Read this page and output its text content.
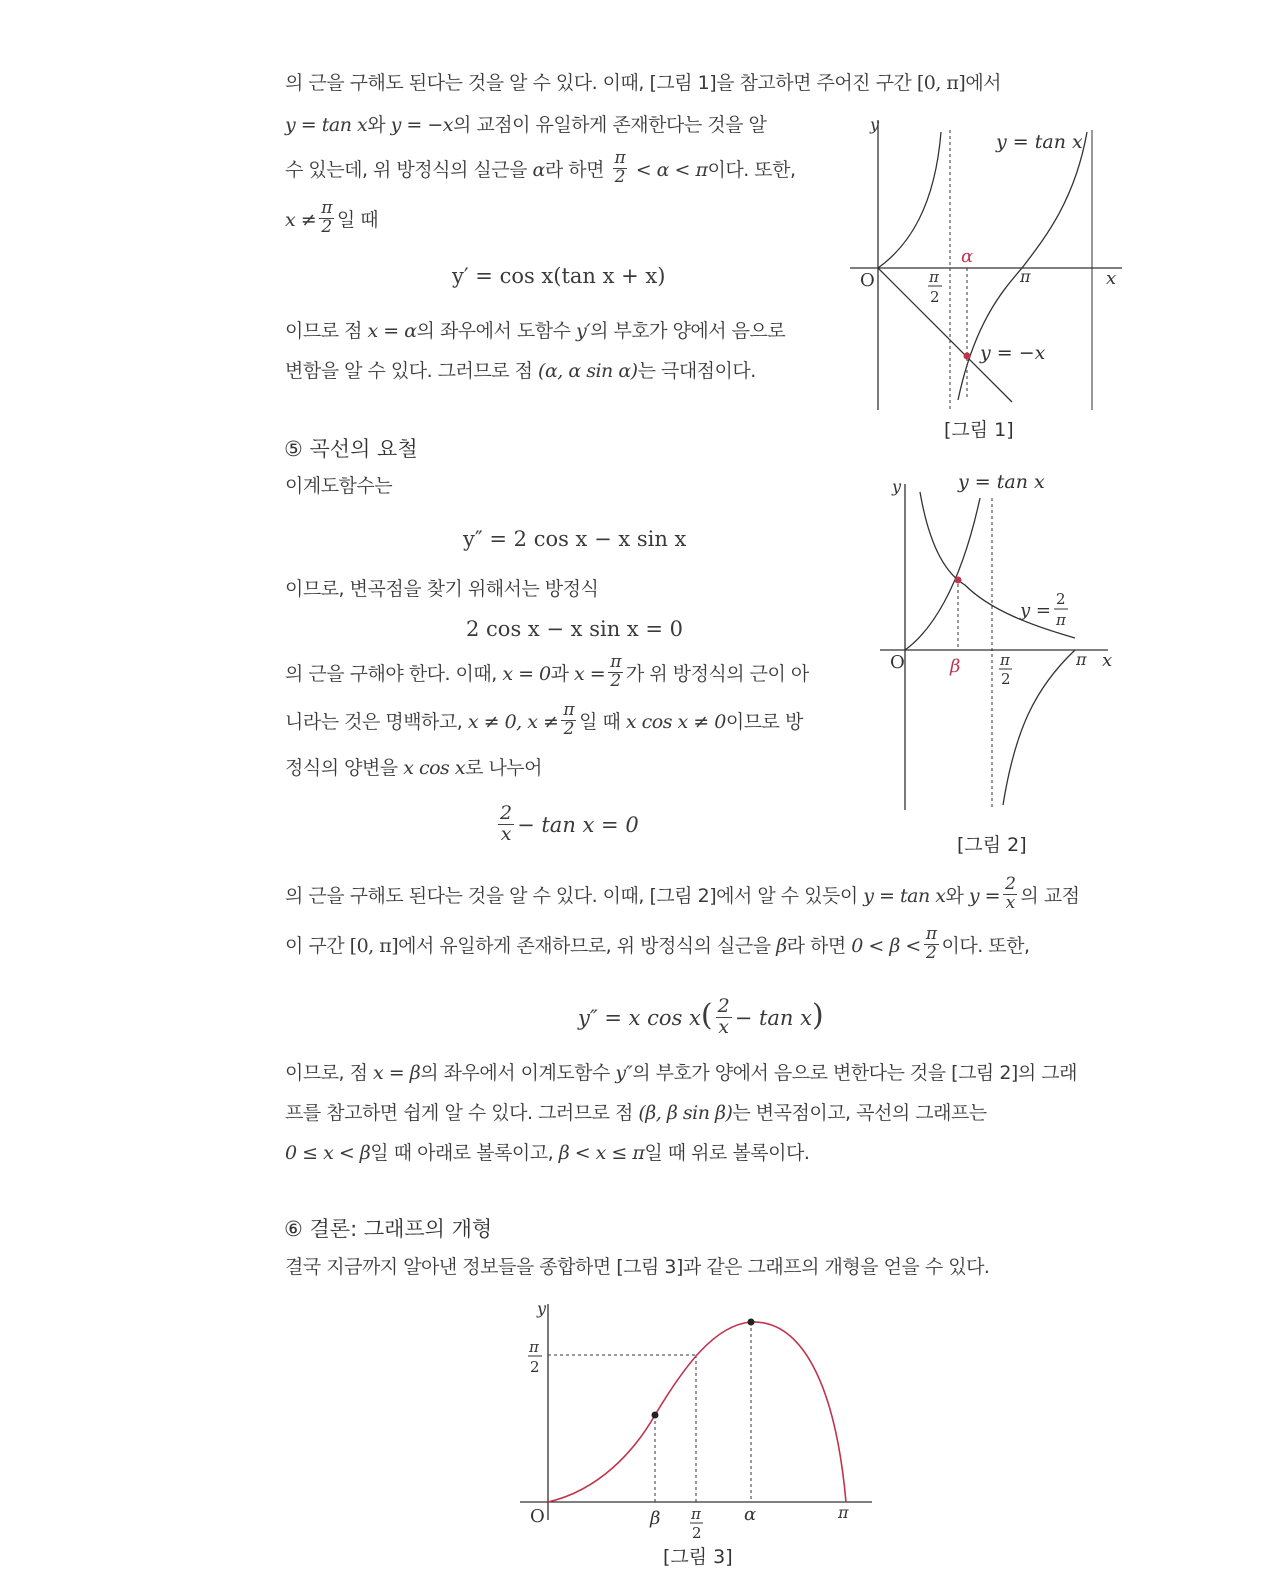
의 근을 구해도 된다는 것을 알 수 있다. 이때, [그림 1]을 참고하면 주어진 구간 [0, π]에서
y = tan x와 y = −x의 교점이 유일하게 존재한다는 것을 알
수 있는데, 위 방정식의 실근을 α라 하면 $\frac{\pi}{2} < \alpha < \pi$이다. 또한,
$x \ne \frac{\pi}{2}$ 일 때
y′ = cos x(tan x + x)
이므로 점 x = α의 좌우에서 도함수 y′의 부호가 양에서 음으로
변함을 알 수 있다. 그러므로 점 (α, α sin α)는 극대점이다.
y
x
O	π
2
α
π
y = tan x
y = −x
[그림 1]
⑤ 곡선의 요철
이계도함수는
y″ = 2 cos x − x sin x
이므로, 변곡점을 찾기 위해서는 방정식
2 cos x − x sin x = 0
의 근을 구해야 한다. 이때, x = 0과 $x = \frac{\pi}{2}$ 가 위 방정식의 근이 아
니라는 것은 명백하고, x ≠ 0, $x \ne \frac{\pi}{2}$ 일 때 x cos x ≠ 0이므로 방
정식의 양변을 x cos x로 나누어
$\frac{2}{x} - \tan x = 0$
의 근을 구해도 된다는 것을 알 수 있다. 이때, [그림 2]에서 알 수 있듯이 y = tan x와 $y = \frac{2}{x}$ 의 교점
이 구간 [0, π]에서 유일하게 존재하므로, 위 방정식의 실근을 β라 하면 $0 < \beta < \frac{\pi}{2}$ 이다. 또한,
y″ = x $\cos x( \frac{2}{x} - \tan x)$
이므로, 점 x = β의 좌우에서 이계도함수 y″의 부호가 양에서 음으로 변한다는 것을 [그림 2]의 그래
프를 참고하면 쉽게 알 수 있다. 그러므로 점 (β, β sin β)는 변곡점이고, 곡선의 그래프는
0 ≤ x < β일 때 아래로 볼록이고, β < x ≤ π일 때 위로 볼록이다.
y
x
O	β	π
2
π
y = tan x
y =
2
π
[그림 2]
⑥ 결론: 그래프의 개형
결국 지금까지 알아낸 정보들을 종합하면 [그림 3]과 같은 그래프의 개형을 얻을 수 있다.
y
O
π
2
β π
2
α	π
[그림 3]
